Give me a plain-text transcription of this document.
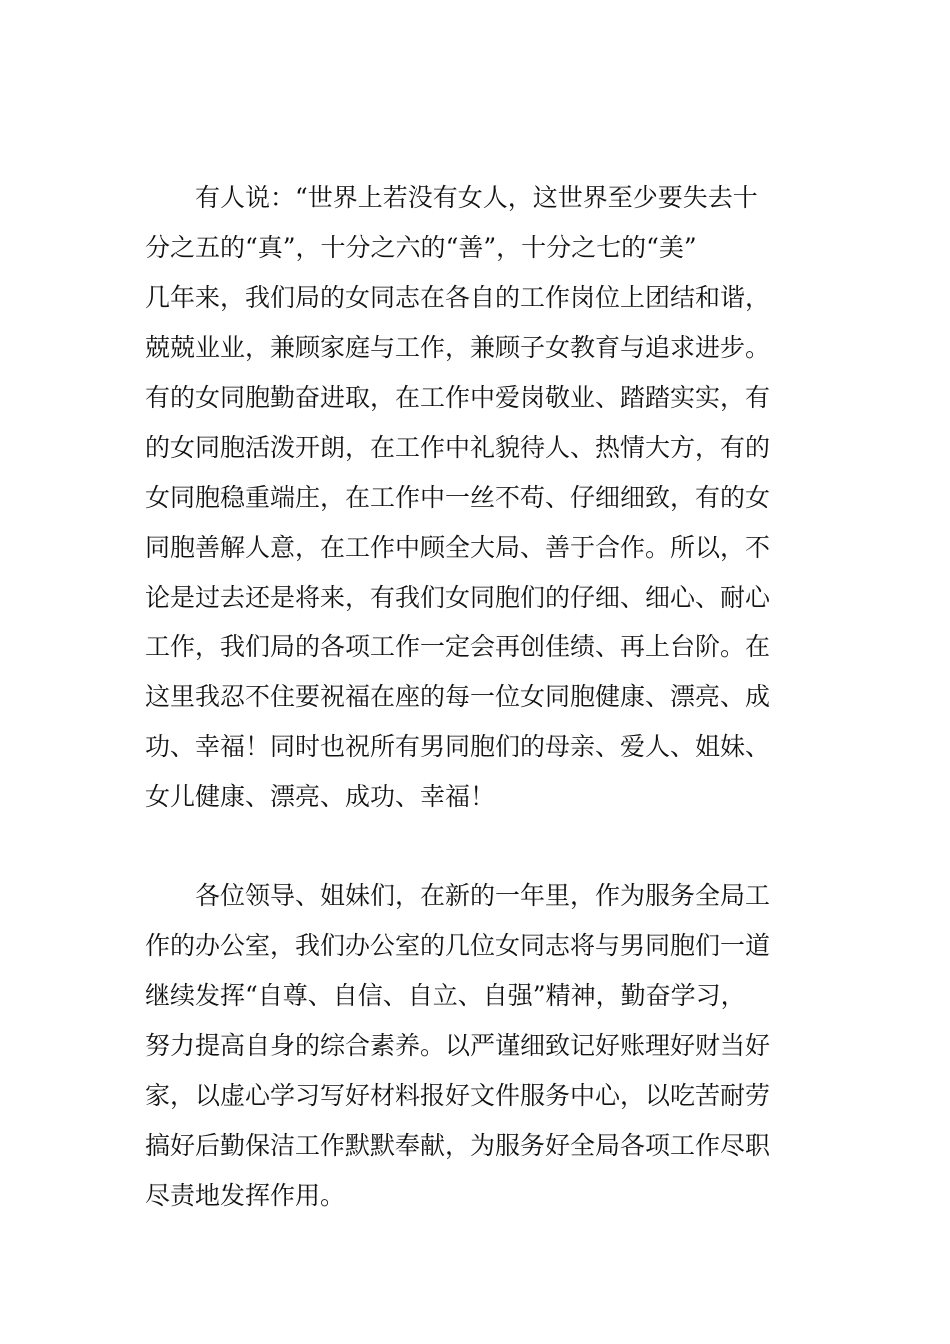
有人说：“世界上若没有女人，这世界至少要失去十
分之五的“真”，十分之六的“善”，十分之七的“美”
几年来，我们局的女同志在各自的工作岗位上团结和谐，
兢兢业业，兼顾家庭与工作，兼顾子女教育与追求进步。
有的女同胞勤奋进取，在工作中爱岗敬业、踏踏实实，有
的女同胞活泼开朗，在工作中礼貌待人、热情大方，有的
女同胞稳重端庄，在工作中一丝不苟、仔细细致，有的女
同胞善解人意，在工作中顾全大局、善于合作。所以，不
论是过去还是将来，有我们女同胞们的仔细、细心、耐心
工作，我们局的各项工作一定会再创佳绩、再上台阶。在
这里我忍不住要祝福在座的每一位女同胞健康、漂亮、成
功、幸福！同时也祝所有男同胞们的母亲、爱人、姐妹、
女儿健康、漂亮、成功、幸福！
各位领导、姐妹们，在新的一年里，作为服务全局工
作的办公室，我们办公室的几位女同志将与男同胞们一道
继续发挥“自尊、自信、自立、自强”精神，勤奋学习，
努力提高自身的综合素养。以严谨细致记好账理好财当好
家，以虚心学习写好材料报好文件服务中心，以吃苦耐劳
搞好后勤保洁工作默默奉献，为服务好全局各项工作尽职
尽责地发挥作用。
